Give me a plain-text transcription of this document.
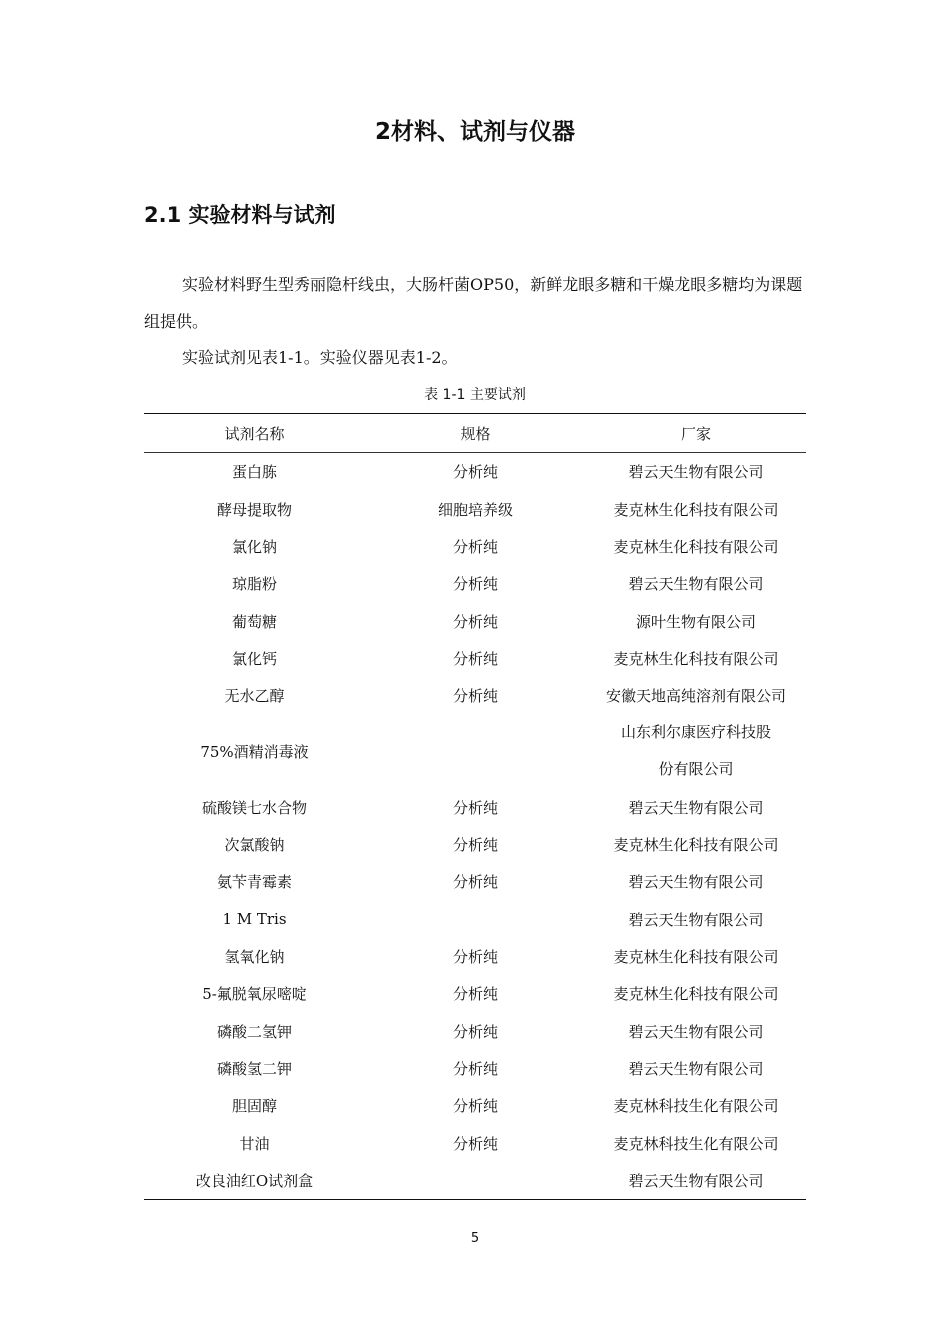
2材料、试剂与仪器
2.1 实验材料与试剂

实验材料野生型秀丽隐杆线虫，大肠杆菌OP50，新鲜龙眼多糖和干燥龙眼多糖均为课题组提供。

实验试剂见表1-1。实验仪器见表1-2。

表 1-1 主要试剂
试剂名称	规格	厂家
蛋白胨	分析纯	碧云天生物有限公司
酵母提取物	细胞培养级	麦克林生化科技有限公司
氯化钠	分析纯	麦克林生化科技有限公司
琼脂粉	分析纯	碧云天生物有限公司
葡萄糖	分析纯	源叶生物有限公司
氯化钙	分析纯	麦克林生化科技有限公司
无水乙醇	分析纯	安徽天地高纯溶剂有限公司
75%酒精消毒液		山东利尔康医疗科技股
份有限公司
硫酸镁七水合物	分析纯	碧云天生物有限公司
次氯酸钠	分析纯	麦克林生化科技有限公司
氨苄青霉素	分析纯	碧云天生物有限公司
1 M Tris		碧云天生物有限公司
氢氧化钠	分析纯	麦克林生化科技有限公司
5-氟脱氧尿嘧啶	分析纯	麦克林生化科技有限公司
磷酸二氢钾	分析纯	碧云天生物有限公司
磷酸氢二钾	分析纯	碧云天生物有限公司
胆固醇	分析纯	麦克林科技生化有限公司
甘油	分析纯	麦克林科技生化有限公司
改良油红O试剂盒		碧云天生物有限公司
5
